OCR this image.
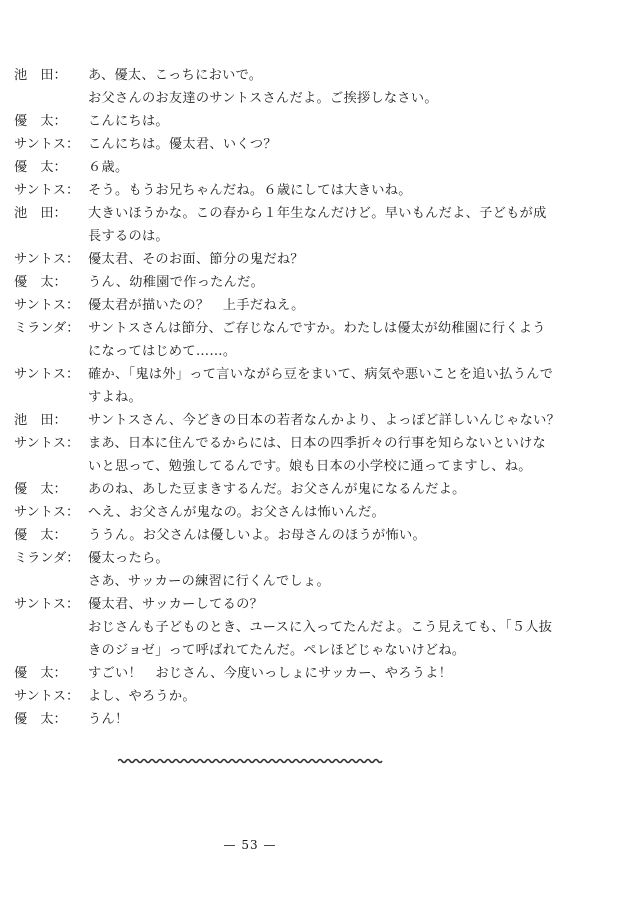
池　田：	あ、優太、こっちにおいで。
お父さんのお友達のサントスさんだよ。ご挨拶しなさい。
優　太：	こんにちは。
サントス： こんにちは。優太君、いくつ？
優　太：	６歳。
サントス： そう。もうお兄ちゃんだね。６歳にしては大きいね。
池　田：	大きいほうかな。この春から１年生なんだけど。早いもんだよ、子どもが成
長するのは。
サントス： 優太君、そのお面、節分の鬼だね？
優　太：	うん、幼稚園で作ったんだ。
サントス： 優太君が描いたの？　上手だねえ。
ミランダ： サントスさんは節分、ご存じなんですか。わたしは優太が幼稚園に行くよう
になってはじめて……。
サントス： 確か、「鬼は外」って言いながら豆をまいて、病気や悪いことを追い払うんで
すよね。
池　田：	サントスさん、今どきの日本の若者なんかより、よっぽど詳しいんじゃない？
サントス： まあ、日本に住んでるからには、日本の四季折々の行事を知らないといけな
いと思って、勉強してるんです。娘も日本の小学校に通ってますし、ね。
優　太：	あのね、あした豆まきするんだ。お父さんが鬼になるんだよ。
サントス： へえ、お父さんが鬼なの。お父さんは怖いんだ。
優　太：	ううん。お父さんは優しいよ。お母さんのほうが怖い。
ミランダ： 優太ったら。
さあ、サッカーの練習に行くんでしょ。
サントス： 優太君、サッカーしてるの？
おじさんも子どものとき、ユースに入ってたんだよ。こう見えても、「５人抜
きのジョゼ」って呼ばれてたんだ。ペレほどじゃないけどね。
優　太：	すごい！　おじさん、今度いっしょにサッカー、やろうよ！
サントス： よし、やろうか。
優　太：	うん！
— 53 —
